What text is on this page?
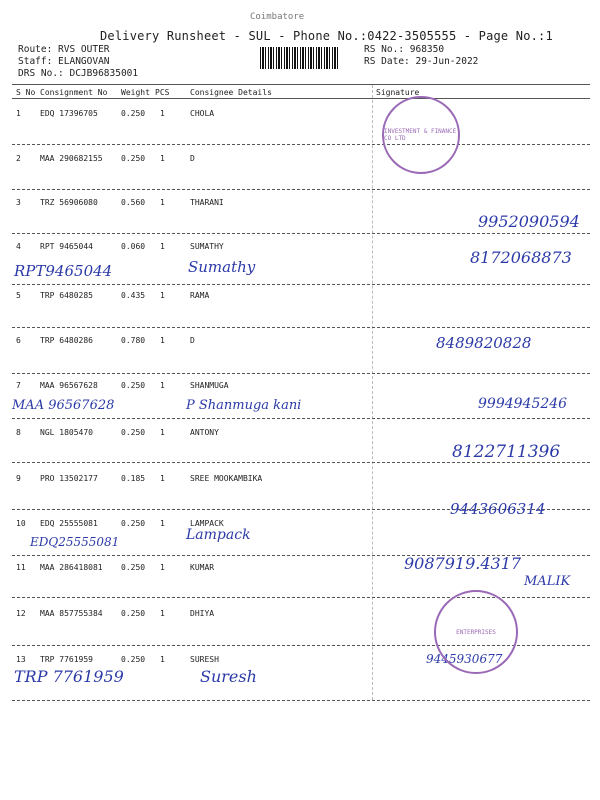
Coimbatore
Delivery Runsheet - SUL - Phone No.:0422-3505555 - Page No.:1
Route: RVS OUTER
Staff: ELANGOVAN
DRS No.: DCJB96835001
RS No.: 968350
RS Date: 29-Jun-2022
S No Consignment No Weight PCS	Consignee Details	Signature
1 EDQ 17396705	0.250 1	CHOLA
2 MAA 290682155 0.250 1	D
3 TRZ 56906080	0.560 1	THARANI
4 RPT 9465044	0.060 1	SUMATHY
5 TRP 6480285	0.435 1	RAMA
6 TRP 6480286	0.780 1	D
7 MAA 96567628	0.250 1	SHANMUGA
8 NGL 1805470	0.250 1	ANTONY
9 PRO 13502177	0.185 1	SREE MOOKAMBIKA
10 EDQ 25555081	0.250 1	LAMPACK
11 MAA 286418081 0.250 1	KUMAR
12 MAA 857755384 0.250 1	DHIYA
13 TRP 7761959	0.250 1	SURESH
RPT9465044	Sumathy
MAA 96567628	P Shanmuga kani
EDQ25555081	Lampack
TRP 7761959	Suresh
9952090594
8172068873
8489820828
9994945246
8122711396
9443606314
9087919.4317
MALIK
9445930677
INVESTMENT & FINANCE CO LTD
ENTERPRISES
